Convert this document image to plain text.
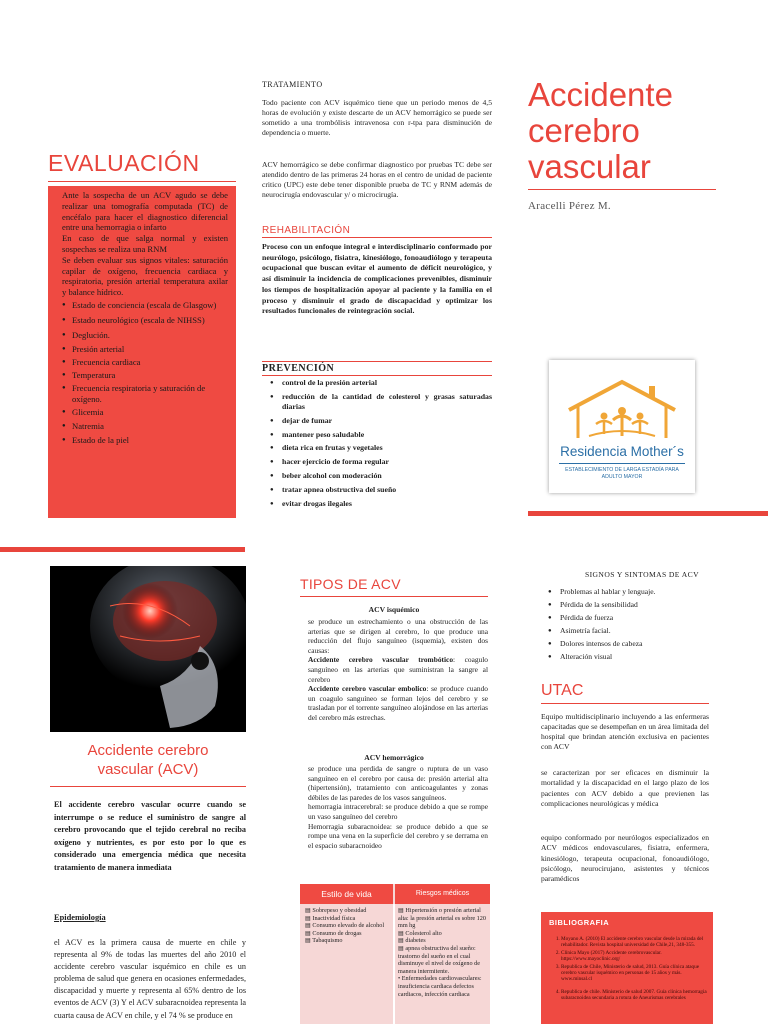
EVALUACIÓN
Ante la sospecha de un ACV agudo se debe realizar una tomografía computada (TC) de encéfalo para hacer el diagnostico diferencial entre una hemorragia o infarto
En caso de que salga normal y existen sospechas se realiza una RNM
Se deben evaluar sus signos vitales: saturación capilar de oxígeno, frecuencia cardiaca y respiratoria, presión arterial temperatura axilar y balance hídrico.
● Estado de conciencia (escala de Glasgow)
● Estado neurológico (escala de NIHSS)
● Deglución.
● Presión arterial
● Frecuencia cardiaca
● Temperatura
● Frecuencia respiratoria y saturación de oxígeno.
● Glicemia
● Natremia
● Estado de la piel
TRATAMIENTO
Todo paciente con ACV isquémico tiene que un periodo menos de 4,5 horas de evolución y existe descarte de un ACV hemorrágico se puede ser sometido a una trombólisis intravenosa con r-tpa para disminución de dependencia o muerte.
ACV hemorrágico se debe confirmar diagnostico por pruebas TC debe ser atendido dentro de las primeras 24 horas en el centro de unidad de paciente critico (UPC) este debe tener disponible prueba de TC y RNM además de neurocirugía endovascular y/ o microcirugía.
REHABILITACIÓN
Proceso con un enfoque integral e interdisciplinario conformado por neurólogo, psicólogo, fisiatra, kinesiólogo, fonoaudiólogo y terapeuta ocupacional que buscan evitar el aumento de déficit neurológico, y así disminuir la incidencia de complicaciones prevenibles, disminuir los tiempos de hospitalización apoyar al paciente y la familia en el proceso y disminuir el grado de discapacidad y optimizar los resultados funcionales de reintegración social.
PREVENCIÓN
● control de la presión arterial
● reducción de la cantidad de colesterol y grasas saturadas diarias
● dejar de fumar
● mantener peso saludable
● dieta rica en frutas y vegetales
● hacer ejercicio de forma regular
● beber alcohol con moderación
● tratar apnea obstructiva del sueño
● evitar drogas ilegales
Accidente
cerebro
vascular
Aracelli Pérez M.
Residencia Mother´s
ESTABLECIMIENTO DE LARGA ESTADÍA PARA
ADULTO MAYOR
Accidente cerebro
vascular (ACV)
El accidente cerebro vascular ocurre cuando se interrumpe o se reduce el suministro de sangre al cerebro provocando que el tejido cerebral no reciba oxígeno y nutrientes, es por esto por lo que es considerado una emergencia médica que necesita tratamiento de manera inmediata
Epidemiología
el ACV es la primera causa de muerte en chile y representa al 9% de todas las muertes del año 2010 el accidente cerebro vascular isquémico en chile es un problema de salud que genera en ocasiones enfermedades, discapacidad y muerte y representa al 65% dentro de los eventos de ACV (3) Y el ACV subaracnoidea representa la cuarta causa de ACV en chile, y el 74 % se produce en
TIPOS DE ACV
ACV isquémico
se produce un estrechamiento o una obstrucción de las arterias que se dirigen al cerebro, lo que produce una reducción del flujo sanguíneo (isquemia), existen dos causas:
Accidente cerebro vascular trombótico: coagulo sanguíneo en las arterias que suministran la sangre al cerebro
Accidente cerebro vascular embolico: se produce cuando un coagulo sanguíneo se forman lejos del cerebro y se trasladan por el torrente sanguíneo alojándose en las arterias del cerebro más estrechas.
ACV hemorrágico
se produce una perdida de sangre o ruptura de un vaso sanguíneo en el cerebro por causa de: presión arterial alta (hipertensión), tratamiento con anticoagulantes y zonas débiles de las paredes de los vasos sanguíneos.
hemorragia intracerebral: se produce debido a que se rompe un vaso sanguíneo del cerebro
Hemorragia subaracnoidea: se produce debido a que se rompe una vena en la superficie del cerebro y se derrama en el espacio subaracnoideo
Estilo de vida	Riesgos médicos
▤ Sobrepeso y obesidad
▤ Inactividad física
▤ Consumo elevado de alcohol
▤ Consumo de drogas
▤ Tabaquismo
▤ Hipertensión o presión arterial alta: la presión arterial es sobre 120 mm hg
▤ Colesterol alto
▤ diabetes
▤ apnea obstructiva del sueño: trastorno del sueño en el cual disminuye el nivel de oxígeno de manera intermitente.
• Enfermedades cardiovasculares: insuficiencia cardiaca defectos cardiacos, infección cardiaca
SIGNOS Y SINTOMAS DE ACV
● Problemas al hablar y lenguaje.
● Pérdida de la sensibilidad
● Pérdida de fuerza
● Asimetría facial.
● Dolores intensos de cabeza
● Alteración visual
UTAC
Equipo multidisciplinario incluyendo a las enfermeras capacitadas que se desempeñan en un área limitada del hospital que brindan atención exclusiva en pacientes con ACV
se caracterizan por ser eficaces en disminuir la mortalidad y la discapacidad en el largo plazo de los pacientes con ACV debido a que previenen las complicaciones neurológicas y médica
equipo conformado por neurólogos especializados en ACV médicos endovasculares, fisiatra, enfermera, kinesiólogo, terapeuta ocupacional, fonoaudiólogo, psicólogo, neurocirujano, asistentes y técnicos paramédicos
BIBLIOGRAFIA
1. Moyano A. (2010) El accidente cerebro vascular desde la mirada del rehabilitador. Revista hospital universidad de Chile,21, 348-355.
2. Clínica Mayo (2017) Accidente cerebrovascular. https://www.mayoclinic.org/
3. Republica de Chile, Ministerio de salud, 2013. Guía clínica ataque cerebro vascular isquémico en personas de 15 años y más. www.minsal.cl
4. Republica de chile. Ministerio de salud 2007. Guía clínica hemorragia subaracnoidea secundaria a rotura de Aneurismas cerebrales
